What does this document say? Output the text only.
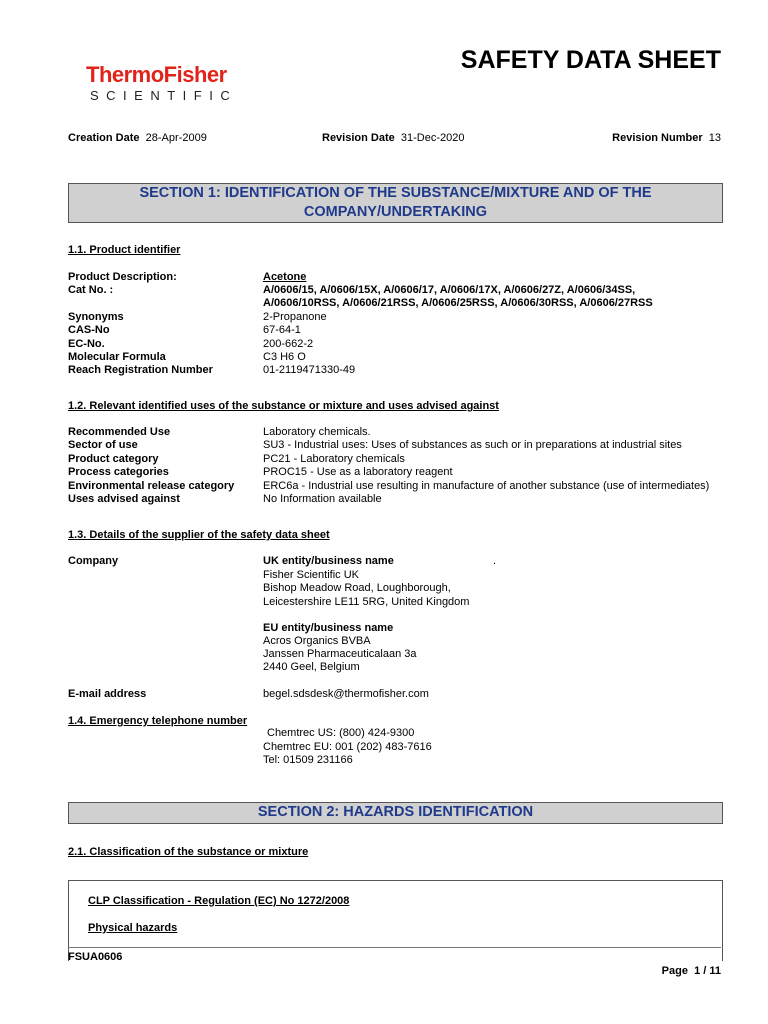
ThermoFisher
SCIENTIFIC
SAFETY DATA SHEET
Creation Date 28-Apr-2009	Revision Date 31-Dec-2020	Revision Number 13
SECTION 1: IDENTIFICATION OF THE SUBSTANCE/MIXTURE AND OF THE
COMPANY/UNDERTAKING
1.1. Product identifier
Product Description:	Acetone
Cat No. :	A/0606/15, A/0606/15X, A/0606/17, A/0606/17X, A/0606/27Z, A/0606/34SS,
A/0606/10RSS, A/0606/21RSS, A/0606/25RSS, A/0606/30RSS, A/0606/27RSS
Synonyms	2-Propanone
CAS-No	67-64-1
EC-No.	200-662-2
Molecular Formula	C3 H6 O
Reach Registration Number	01-2119471330-49
1.2. Relevant identified uses of the substance or mixture and uses advised against
Recommended Use	Laboratory chemicals.
Sector of use	SU3 - Industrial uses: Uses of substances as such or in preparations at industrial sites
Product category	PC21 - Laboratory chemicals
Process categories	PROC15 - Use as a laboratory reagent
Environmental release category	ERC6a - Industrial use resulting in manufacture of another substance (use of intermediates)
Uses advised against	No Information available
1.3. Details of the supplier of the safety data sheet
Company	UK entity/business name	.
Fisher Scientific UK
Bishop Meadow Road, Loughborough,
Leicestershire LE11 5RG, United Kingdom
EU entity/business name
Acros Organics BVBA
Janssen Pharmaceuticalaan 3a
2440 Geel, Belgium
E-mail address	begel.sdsdesk@thermofisher.com
1.4. Emergency telephone number
Chemtrec US: (800) 424-9300
Chemtrec EU: 001 (202) 483-7616
Tel: 01509 231166
SECTION 2: HAZARDS IDENTIFICATION
2.1. Classification of the substance or mixture
CLP Classification - Regulation (EC) No 1272/2008
Physical hazards
FSUA0606
Page 1 / 11
